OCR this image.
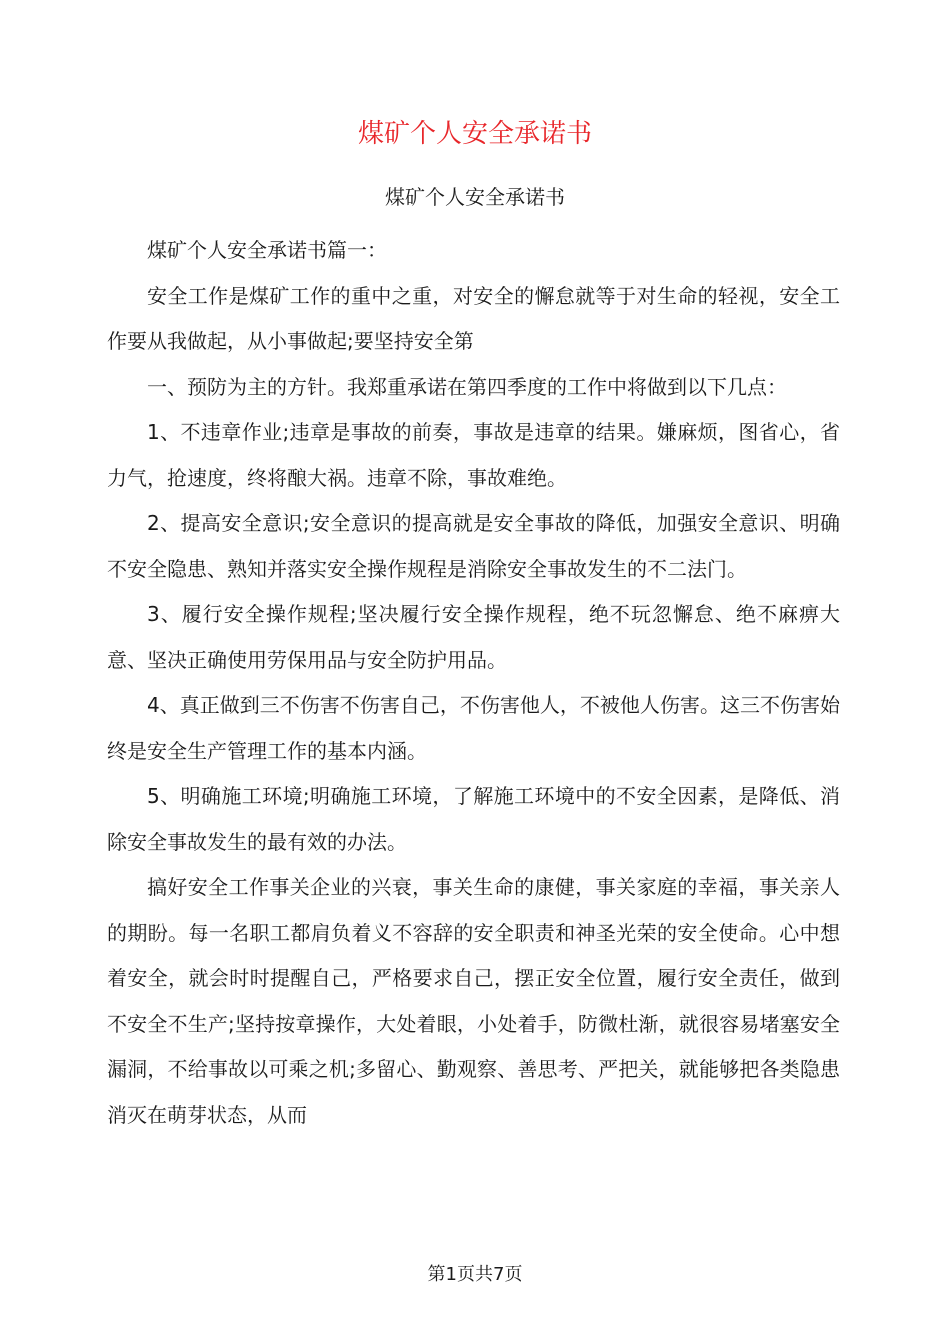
煤矿个人安全承诺书
煤矿个人安全承诺书

煤矿个人安全承诺书篇一：

安全工作是煤矿工作的重中之重，对安全的懈怠就等于对生命的轻视，安全工作要从我做起，从小事做起;要坚持安全第

一、预防为主的方针。我郑重承诺在第四季度的工作中将做到以下几点：

1、不违章作业;违章是事故的前奏，事故是违章的结果。嫌麻烦，图省心，省力气，抢速度，终将酿大祸。违章不除，事故难绝。

2、提高安全意识;安全意识的提高就是安全事故的降低，加强安全意识、明确不安全隐患、熟知并落实安全操作规程是消除安全事故发生的不二法门。

3、履行安全操作规程;坚决履行安全操作规程，绝不玩忽懈怠、绝不麻痹大意、坚决正确使用劳保用品与安全防护用品。

4、真正做到三不伤害不伤害自己，不伤害他人，不被他人伤害。这三不伤害始终是安全生产管理工作的基本内涵。

5、明确施工环境;明确施工环境，了解施工环境中的不安全因素，是降低、消除安全事故发生的最有效的办法。

搞好安全工作事关企业的兴衰，事关生命的康健，事关家庭的幸福，事关亲人的期盼。每一名职工都肩负着义不容辞的安全职责和神圣光荣的安全使命。心中想着安全，就会时时提醒自己，严格要求自己，摆正安全位置，履行安全责任，做到不安全不生产;坚持按章操作，大处着眼，小处着手，防微杜渐，就很容易堵塞安全漏洞，不给事故以可乘之机;多留心、勤观察、善思考、严把关，就能够把各类隐患消灭在萌芽状态，从而

第1页共7页
